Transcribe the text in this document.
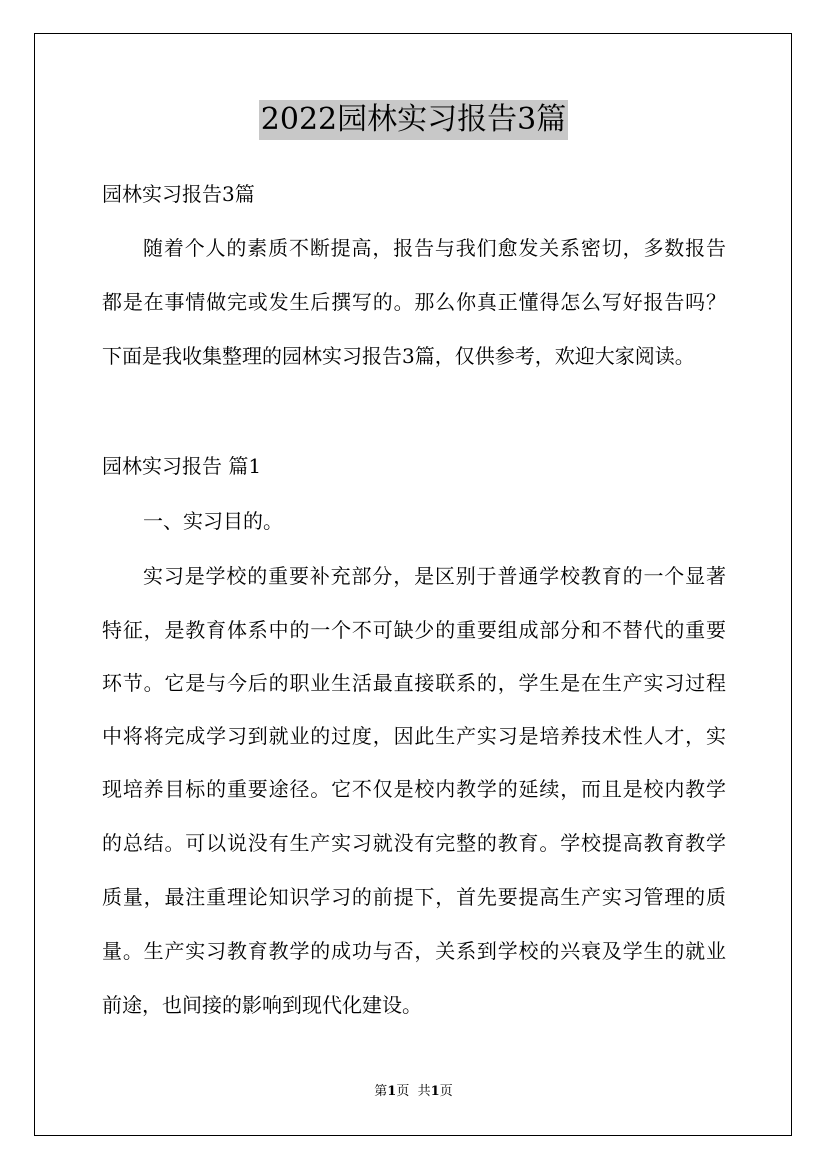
2022园林实习报告3篇
园林实习报告3篇
随着个人的素质不断提高，报告与我们愈发关系密切，多数报告
都是在事情做完或发生后撰写的。那么你真正懂得怎么写好报告吗？
下面是我收集整理的园林实习报告3篇，仅供参考，欢迎大家阅读。
园林实习报告 篇1
一、实习目的。
实习是学校的重要补充部分，是区别于普通学校教育的一个显著
特征，是教育体系中的一个不可缺少的重要组成部分和不替代的重要
环节。它是与今后的职业生活最直接联系的，学生是在生产实习过程
中将将完成学习到就业的过度，因此生产实习是培养技术性人才，实
现培养目标的重要途径。它不仅是校内教学的延续，而且是校内教学
的总结。可以说没有生产实习就没有完整的教育。学校提高教育教学
质量，最注重理论知识学习的前提下，首先要提高生产实习管理的质
量。生产实习教育教学的成功与否，关系到学校的兴衰及学生的就业
前途，也间接的影响到现代化建设。
第1页 共1页
